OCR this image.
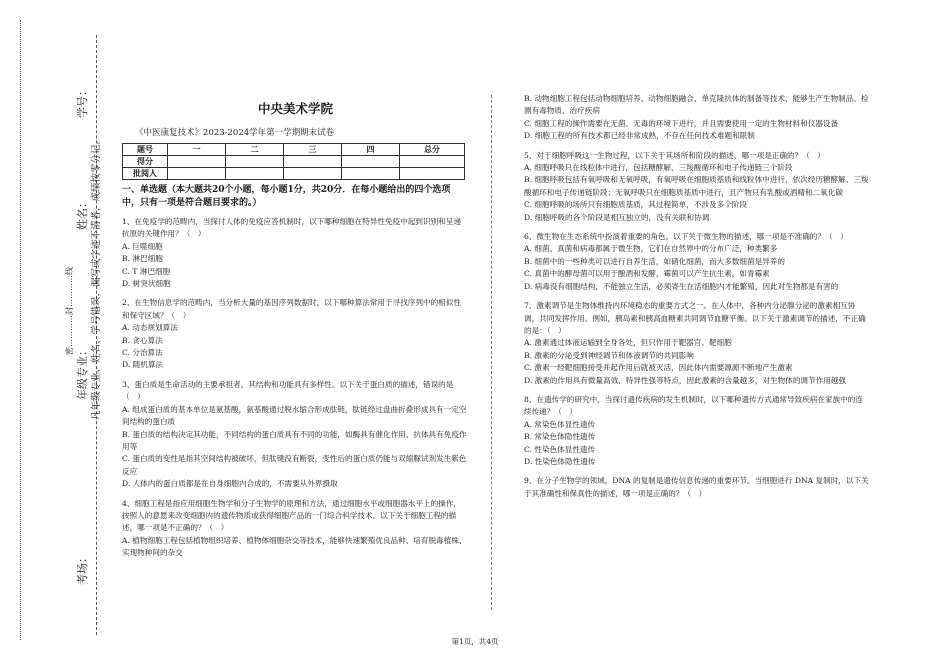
学号：
姓名：
年级专业：
考场：
凡年级专业、姓名、学号错误，漏写或字迹不清者，成绩按零分记。
密…………封…………线
中央美术学院
《中医康复技术》2023-2024学年第一学期期末试卷
题号	一	二	三	四	总分
得分					
批阅人					
一、单选题（本大题共20个小题，每小题1分，共20分．在每小题给出的四个选项中，只有一项是符合题目要求的。）

1、在免疫学的范畴内，当探讨人体的免疫应答机制时，以下哪种细胞在特异性免疫中起到识别和呈递抗原的关键作用？（　）

A. 巨噬细胞

B. 淋巴细胞

C. T 淋巴细胞

D. 树突状细胞

2、在生物信息学的范畴内，当分析大量的基因序列数据时，以下哪种算法常用于寻找序列中的相似性和保守区域？（　）

A. 动态规划算法

B. 贪心算法

C. 分治算法

D. 随机算法

3、蛋白质是生命活动的主要承担者，其结构和功能具有多样性。以下关于蛋白质的描述，错误的是（　）

A. 组成蛋白质的基本单位是氨基酸，氨基酸通过脱水缩合形成肽链，肽链经过盘曲折叠形成具有一定空间结构的蛋白质

B. 蛋白质的结构决定其功能，不同结构的蛋白质具有不同的功能，如酶具有催化作用、抗体具有免疫作用等

C. 蛋白质的变性是指其空间结构被破坏，但肽键没有断裂，变性后的蛋白质仍能与双缩脲试剂发生紫色反应

D. 人体内的蛋白质都是在自身细胞内合成的，不需要从外界摄取

4、细胞工程是指应用细胞生物学和分子生物学的原理和方法，通过细胞水平或细胞器水平上的操作，按照人的意愿来改变细胞内的遗传物质或获得细胞产品的一门综合科学技术。以下关于细胞工程的描述，哪一项是不正确的？（　）

A. 植物细胞工程包括植物组织培养、植物体细胞杂交等技术，能够快速繁殖优良品种、培育脱毒植株、实现物种间的杂交

B. 动物细胞工程包括动物细胞培养、动物细胞融合、单克隆抗体的制备等技术，能够生产生物制品、检测有毒物质、治疗疾病

C. 细胞工程的操作需要在无菌、无毒的环境下进行，并且需要使用一定的生物材料和仪器设备

D. 细胞工程的所有技术都已经非常成熟，不存在任何技术难题和限制

5、对于细胞呼吸这一生物过程，以下关于其场所和阶段的描述，哪一项是正确的？（　）

A. 细胞呼吸只在线粒体中进行，包括糖酵解、三羧酸循环和电子传递链三个阶段

B. 细胞呼吸包括有氧呼吸和无氧呼吸，有氧呼吸在细胞质基质和线粒体中进行，依次经历糖酵解、三羧酸循环和电子传递链阶段；无氧呼吸只在细胞质基质中进行，且产物只有乳酸或酒精和二氧化碳

C. 细胞呼吸的场所只有细胞质基质，其过程简单，不涉及多个阶段

D. 细胞呼吸的各个阶段是相互独立的，没有关联和协调

6、微生物在生态系统中扮演着重要的角色。以下关于微生物的描述，哪一项是不准确的？（　）

A. 细菌、真菌和病毒都属于微生物，它们在自然界中的分布广泛，种类繁多

B. 细菌中的一些种类可以进行自养生活，如硝化细菌，而大多数细菌是异养的

C. 真菌中的酵母菌可以用于酿酒和发酵，霉菌可以产生抗生素，如青霉素

D. 病毒没有细胞结构，不能独立生活，必须寄生在活细胞内才能繁殖，因此对生物都是有害的

7、激素调节是生物体维持内环境稳态的重要方式之一。在人体中，各种内分泌腺分泌的激素相互协调，共同发挥作用。例如，胰岛素和胰高血糖素共同调节血糖平衡。以下关于激素调节的描述，不正确的是：（　）

A. 激素通过体液运输到全身各处，但只作用于靶器官、靶细胞

B. 激素的分泌受到神经调节和体液调节的共同影响

C. 激素一经靶细胞接受并起作用后就被灭活，因此体内需要源源不断地产生激素

D. 激素的作用具有微量高效、特异性强等特点，因此激素的含量越多，对生物体的调节作用越强

8、在遗传学的研究中，当探讨遗传疾病的发生机制时，以下哪种遗传方式通常导致疾病在家族中的连续传递？（　）

A. 常染色体显性遗传

B. 常染色体隐性遗传

C. 性染色体显性遗传

D. 性染色体隐性遗传

9、在分子生物学的领域，DNA 的复制是遗传信息传递的重要环节。当细胞进行 DNA 复制时，以下关于其准确性和保真性的描述，哪一项是正确的？（　）

第1页，共4页
